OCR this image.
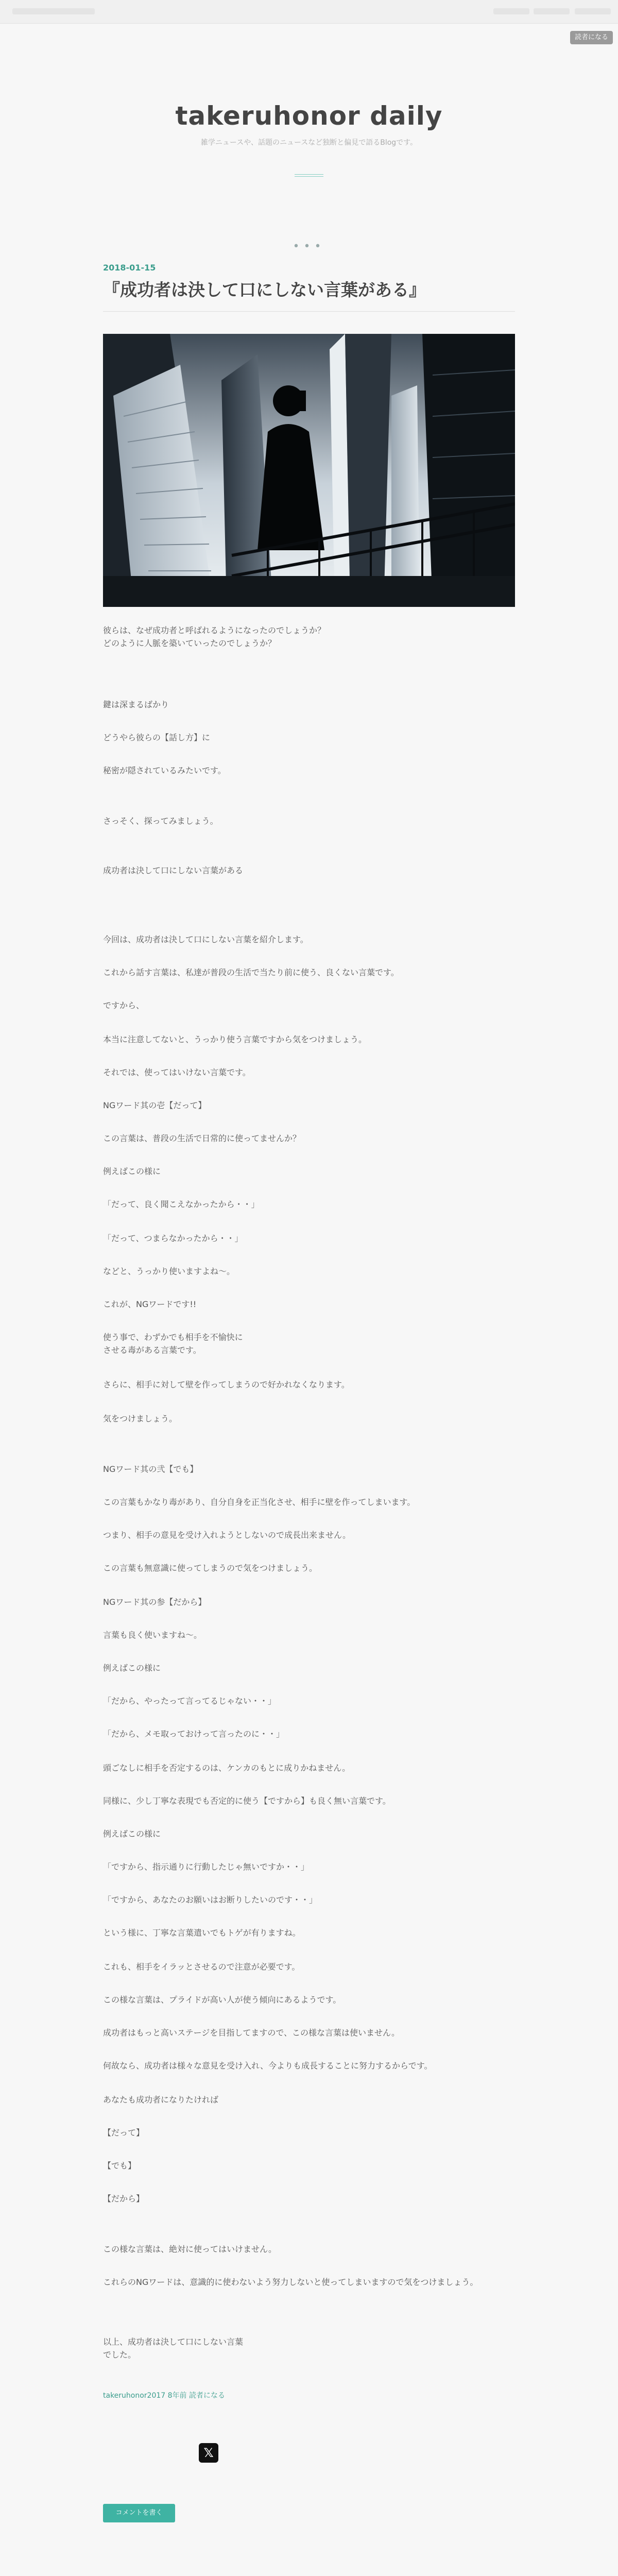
読者になる
takeruhonor daily
雑学ニュースや、話題のニュースなど独断と偏見で語るBlogです。
•••
2018-01-15
『成功者は決して口にしない言葉がある』
彼らは、なぜ成功者と呼ばれるようになったのでしょうか？
どのように人脈を築いていったのでしょうか？
鍵は深まるばかり
どうやら彼らの【話し方】に
秘密が隠されているみたいです。
さっそく、探ってみましょう。
成功者は決して口にしない言葉がある
今回は、成功者は決して口にしない言葉を紹介します。
これから話す言葉は、私達が普段の生活で当たり前に使う、良くない言葉です。
ですから、
本当に注意してないと、うっかり使う言葉ですから気をつけましょう。
それでは、使ってはいけない言葉です。
NGワード其の壱【だって】
この言葉は、普段の生活で日常的に使ってませんか？
例えばこの様に
「だって、良く聞こえなかったから・・」
「だって、つまらなかったから・・」
などと、うっかり使いますよね〜。
これが、NGワードです!!
使う事で、わずかでも相手を不愉快に
させる毒がある言葉です。
さらに、相手に対して壁を作ってしまうので好かれなくなります。
気をつけましょう。
NGワード其の弐【でも】
この言葉もかなり毒があり、自分自身を正当化させ、相手に壁を作ってしまいます。
つまり、相手の意見を受け入れようとしないので成長出来ません。
この言葉も無意識に使ってしまうので気をつけましょう。
NGワード其の参【だから】
言葉も良く使いますね〜。
例えばこの様に
「だから、やったって言ってるじゃない・・」
「だから、メモ取っておけって言ったのに・・」
頭ごなしに相手を否定するのは、ケンカのもとに成りかねません。
同様に、少し丁寧な表現でも否定的に使う【ですから】も良く無い言葉です。
例えばこの様に
「ですから、指示通りに行動したじゃ無いですか・・」
「ですから、あなたのお願いはお断りしたいのです・・」
という様に、丁寧な言葉遣いでもトゲが有りますね。
これも、相手をイラッとさせるので注意が必要です。
この様な言葉は、プライドが高い人が使う傾向にあるようです。
成功者はもっと高いステージを目指してますので、この様な言葉は使いません。
何故なら、成功者は様々な意見を受け入れ、今よりも成長することに努力するからです。
あなたも成功者になりたければ
【だって】
【でも】
【だから】
この様な言葉は、絶対に使ってはいけません。
これらのNGワードは、意識的に使わないよう努力しないと使ってしまいますので気をつけましょう。
以上、成功者は決して口にしない言葉
でした。
takeruhonor2017 8年前 読者になる
𝕏
コメントを書く
